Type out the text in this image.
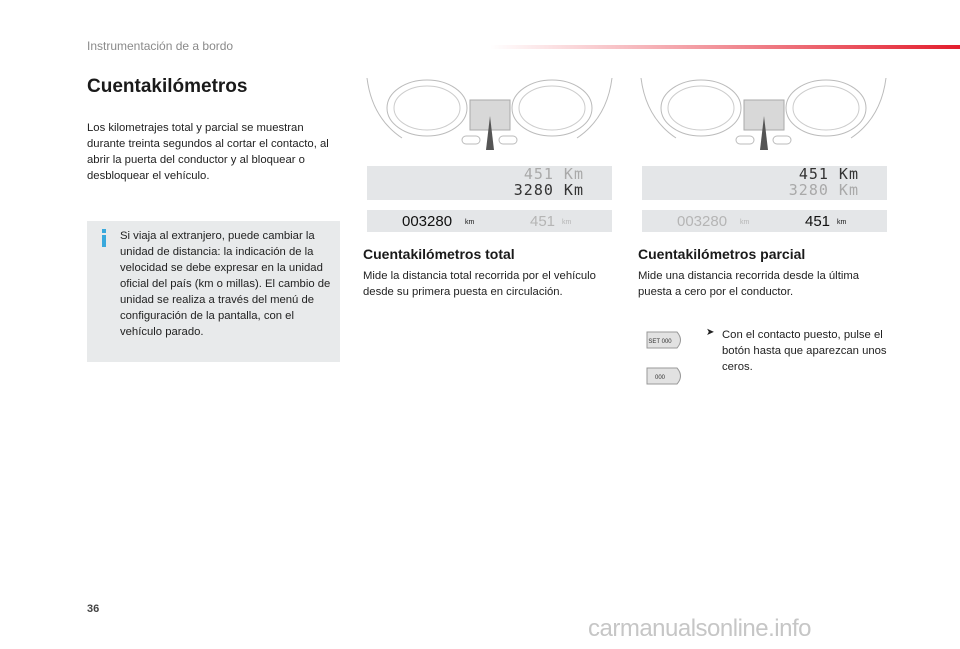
Instrumentación de a bordo
Cuentakilómetros
Los kilometrajes total y parcial se muestran durante treinta segundos al cortar el contacto, al abrir la puerta del conductor y al bloquear o desbloquear el vehículo.
Si viaja al extranjero, puede cambiar la unidad de distancia: la indicación de la velocidad se debe expresar en la unidad oficial del país (km o millas). El cambio de unidad se realiza a través del menú de configuración de la pantalla, con el vehículo parado.
451 Km
3280 Km
003280 km	451 km
451 Km
3280 Km
003280 km	451 km
Cuentakilómetros total
Mide la distancia total recorrida por el vehículo desde su primera puesta en circulación.
Cuentakilómetros parcial
Mide una distancia recorrida desde la última puesta a cero por el conductor.
SET 000
000
➤ Con el contacto puesto, pulse el botón hasta que aparezcan unos ceros.
36
carmanualsonline.info
